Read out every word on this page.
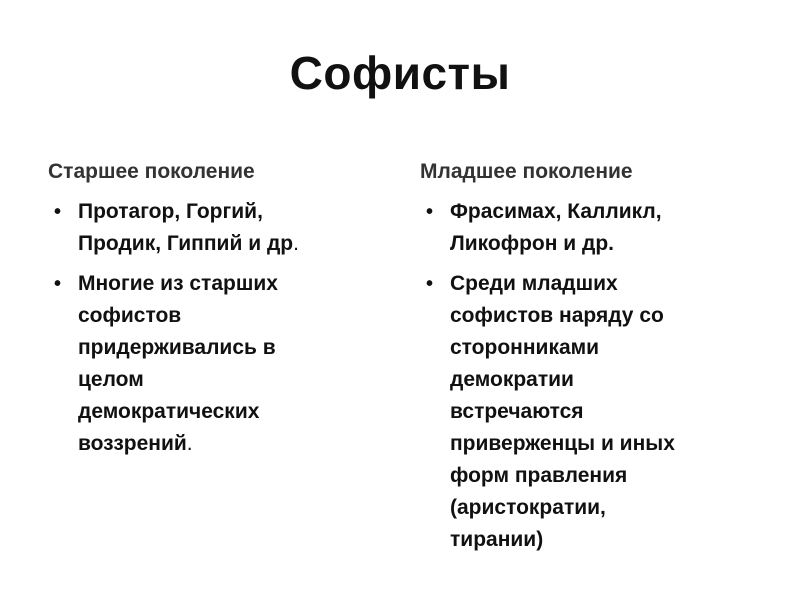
Софисты
Старшее поколение
• Протагор, Горгий,
Продик, Гиппий и др.
• Многие из старших
софистов
придерживались в
целом
демократических
воззрений.
Младшее поколение
• Фрасимах, Калликл,
Ликофрон и др.
• Среди младших
софистов наряду со
сторонниками
демократии
встречаются
приверженцы и иных
форм правления
(аристократии,
тирании)
